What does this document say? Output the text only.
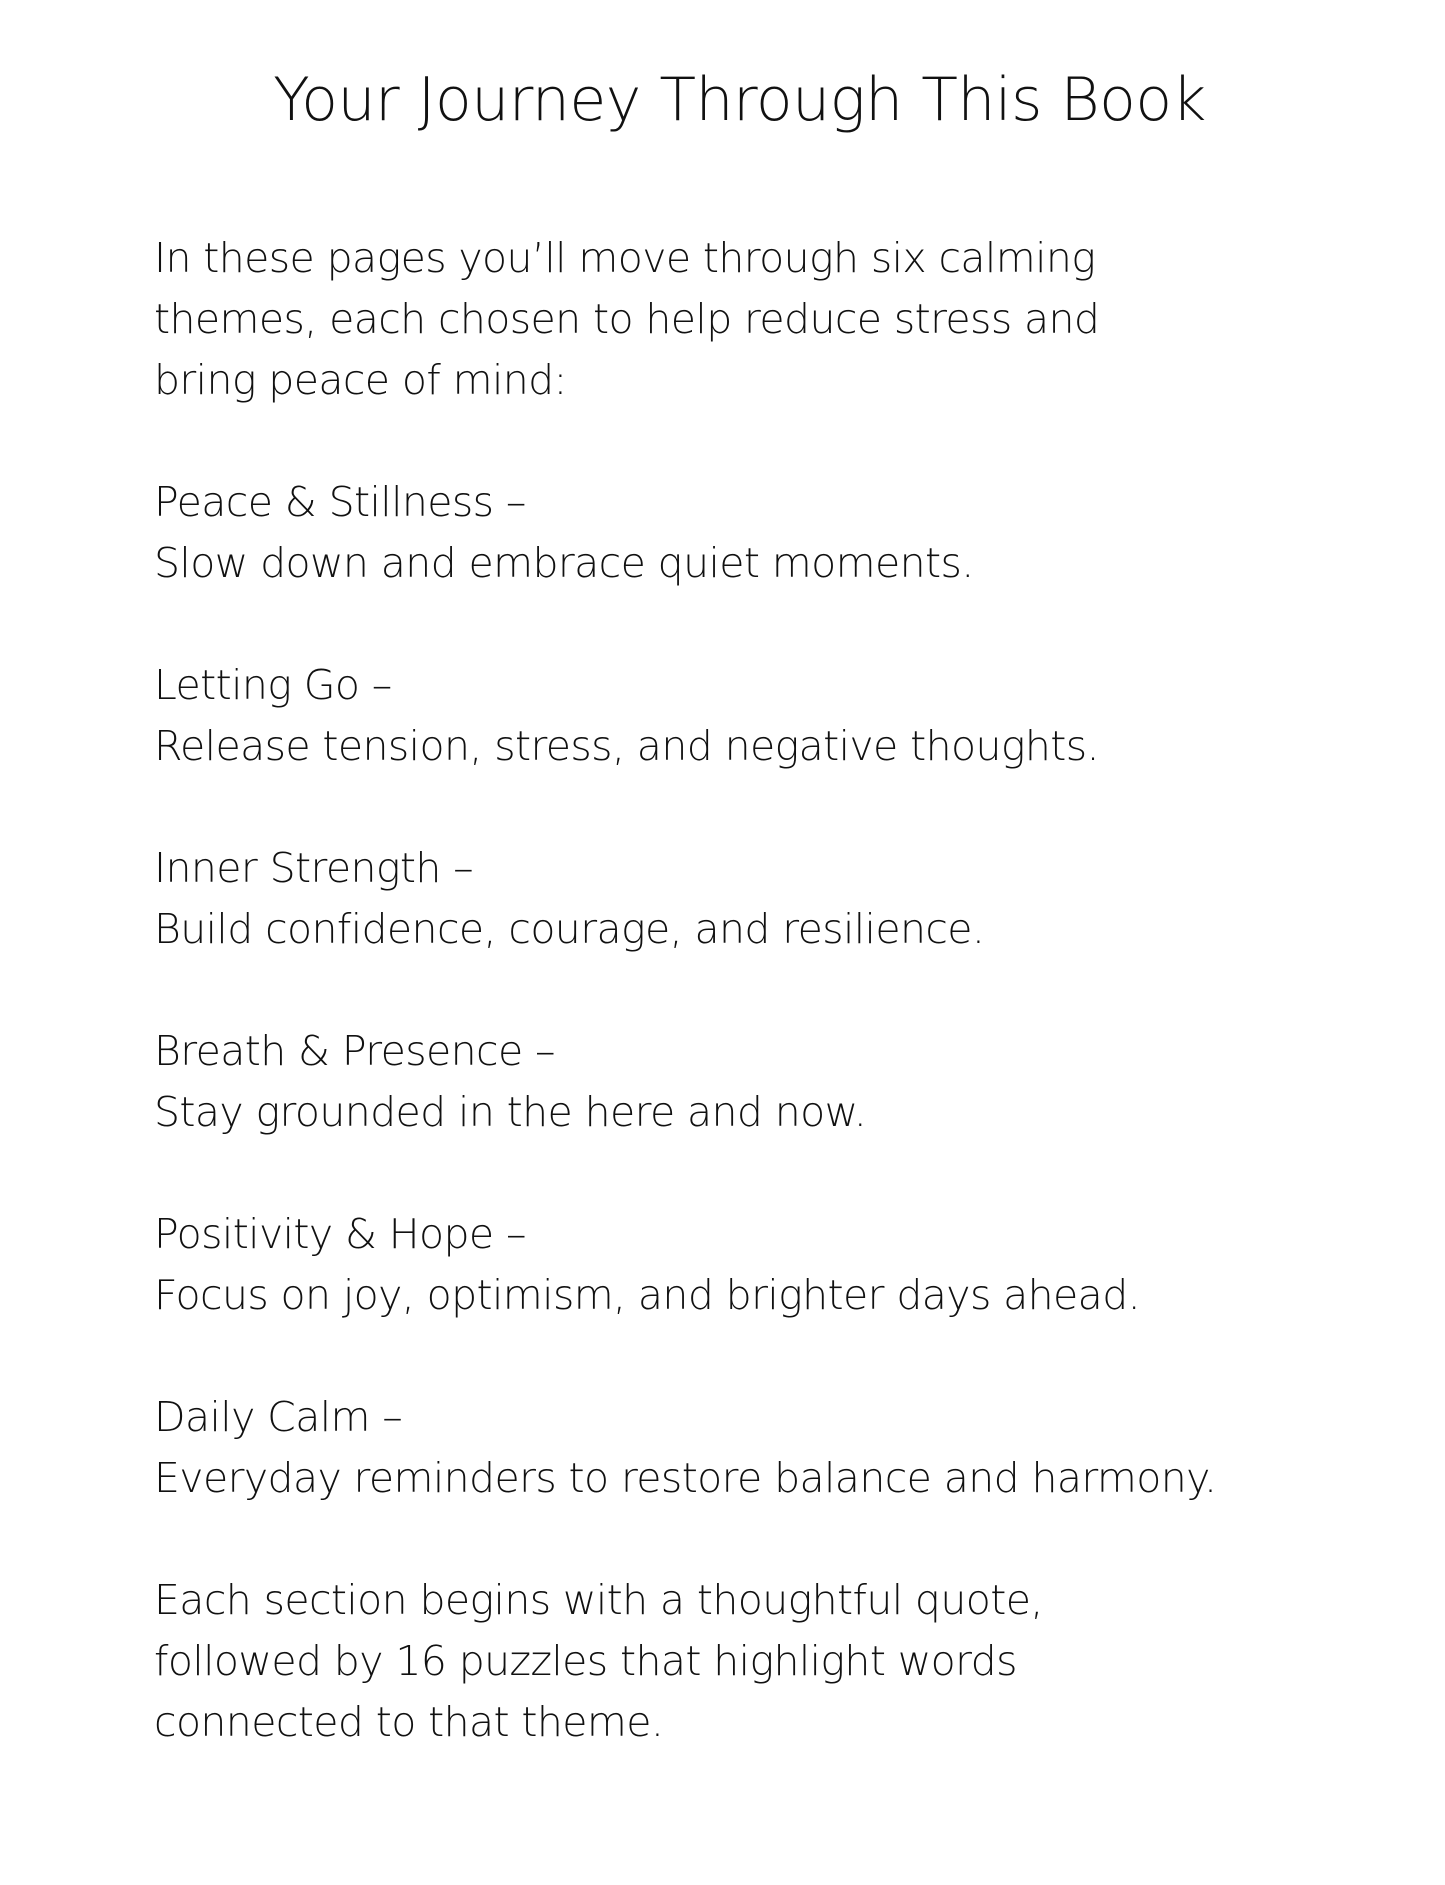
Your Journey Through This Book

In these pages you’ll move through six calming
themes, each chosen to help reduce stress and
bring peace of mind:

Peace & Stillness –
Slow down and embrace quiet moments.

Letting Go –
Release tension, stress, and negative thoughts.

Inner Strength –
Build confidence, courage, and resilience.

Breath & Presence –
Stay grounded in the here and now.

Positivity & Hope –
Focus on joy, optimism, and brighter days ahead.

Daily Calm –
Everyday reminders to restore balance and harmony.

Each section begins with a thoughtful quote,
followed by 16 puzzles that highlight words
connected to that theme.
